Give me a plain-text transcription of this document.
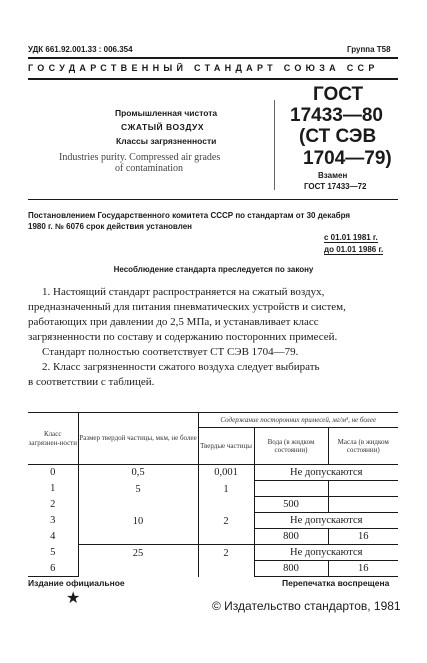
УДК 661.92.001.33 : 006.354	Группа Т58
ГОСУДАРСТВЕННЫЙ СТАНДАРТ СОЮЗА ССР
Промышленная чистота
СЖАТЫЙ ВОЗДУХ
Классы загрязненности
Industries purity. Compressed air grades
of contamination
ГОСТ
17433—80
(СТ СЭВ
1704—79)
Взамен
ГОСТ 17433—72
Постановлением Государственного комитета СССР по стандартам от 30 декабря
1980 г. № 6076 срок действия установлен
с 01.01 1981 г.
до 01.01 1986 г.
Несоблюдение стандарта преследуется по закону
1. Настоящий стандарт распространяется на сжатый воздух,
предназначенный для питания пневматических устройств и систем,
работающих при давлении до 2,5 МПа, и устанавливает класс
загрязненности по составу и содержанию посторонних примесей.
Стандарт полностью соответствует СТ СЭВ 1704—79.
2. Класс загрязненности сжатого воздуха следует выбирать
в соответствии с таблицей.
Класс загрязнен-ности	Размер твердой частицы, мкм, не более	Содержание посторонних примесей, мг/м³, не более		
		Твердые частицы	Вода (в жидком состоянии)	Масла (в жидком состоянии)
0	0,5	0,001	Не допускаются	
1	5	1		
2			500	
3	10	2	Не допускаются	
4			800	16
5	25	2	Не допускаются	
6			800	16
Издание официальное	Перепечатка воспрещена
★	© Издательство стандартов, 1981
